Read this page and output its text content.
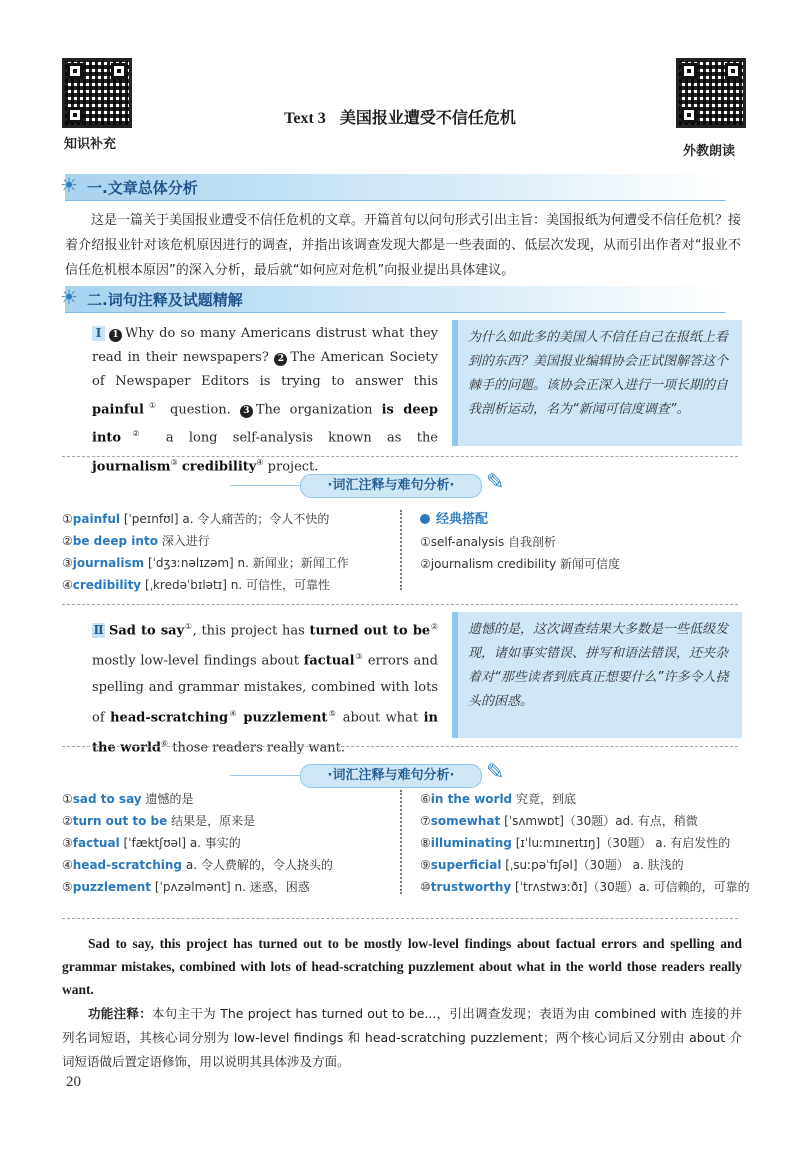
知识补充	外教朗读
Text 3 美国报业遭受不信任危机
☀ 一.文章总体分析
这是一篇关于美国报业遭受不信任危机的文章。开篇首句以问句形式引出主旨：美国报纸为何遭受不信任危机？接着介绍报业针对该危机原因进行的调查，并指出该调查发现大都是一些表面的、低层次发现，从而引出作者对“报业不信任危机根本原因”的深入分析，最后就“如何应对危机”向报业提出具体建议。
☀ 二.词句注释及试题精解
Ⅰ 1 Why do so many Americans distrust what they read in their newspapers? 2 The American Society of Newspaper Editors is trying to answer this painful① question. 3 The organization is deep into② a long self-analysis known as the journalism③ credibility④ project.
为什么如此多的美国人不信任自己在报纸上看到的东西？美国报业编辑协会正试图解答这个棘手的问题。该协会正深入进行一项长期的自我剖析运动，名为“新闻可信度调查”。
·词汇注释与难句分析·	✎
①painful [ˈpeɪnfʊl] a. 令人痛苦的；令人不快的
②be deep into 深入进行
③journalism [ˈdʒɜːnəlɪzəm] n. 新闻业；新闻工作
④credibility [ˌkredəˈbɪlətɪ] n. 可信性，可靠性
经典搭配
①self-analysis 自我剖析
②journalism credibility 新闻可信度
Ⅱ Sad to say①, this project has turned out to be② mostly low-level findings about factual③ errors and spelling and grammar mistakes, combined with lots of head-scratching④ puzzlement⑤ about what in the world⑥ those readers really want.
遗憾的是，这次调查结果大多数是一些低级发现，诸如事实错误、拼写和语法错误，还夹杂着对“那些读者到底真正想要什么”许多令人挠头的困惑。
·词汇注释与难句分析·	✎
①sad to say 遗憾的是
②turn out to be 结果是，原来是
③factual [ˈfæktʃʊəl] a. 事实的
④head-scratching a. 令人费解的，令人挠头的
⑤puzzlement [ˈpʌzəlmənt] n. 迷惑，困惑
⑥in the world 究竟，到底
⑦somewhat [ˈsʌmwɒt]（30题）ad. 有点，稍微
⑧illuminating [ɪˈluːmɪneɪtɪŋ]（30题） a. 有启发性的
⑨superficial [ˌsuːpəˈfɪʃəl]（30题） a. 肤浅的
⑩trustworthy [ˈtrʌstwɜːðɪ]（30题）a. 可信赖的，可靠的
Sad to say, this project has turned out to be mostly low-level findings about factual errors and spelling and grammar mistakes, combined with lots of head-scratching puzzlement about what in the world those readers really want.
功能注释：本句主干为 The project has turned out to be...，引出调查发现；表语为由 combined with 连接的并列名词短语，其核心词分别为 low-level findings 和 head-scratching puzzlement；两个核心词后又分别由 about 介词短语做后置定语修饰，用以说明其具体涉及方面。
20
